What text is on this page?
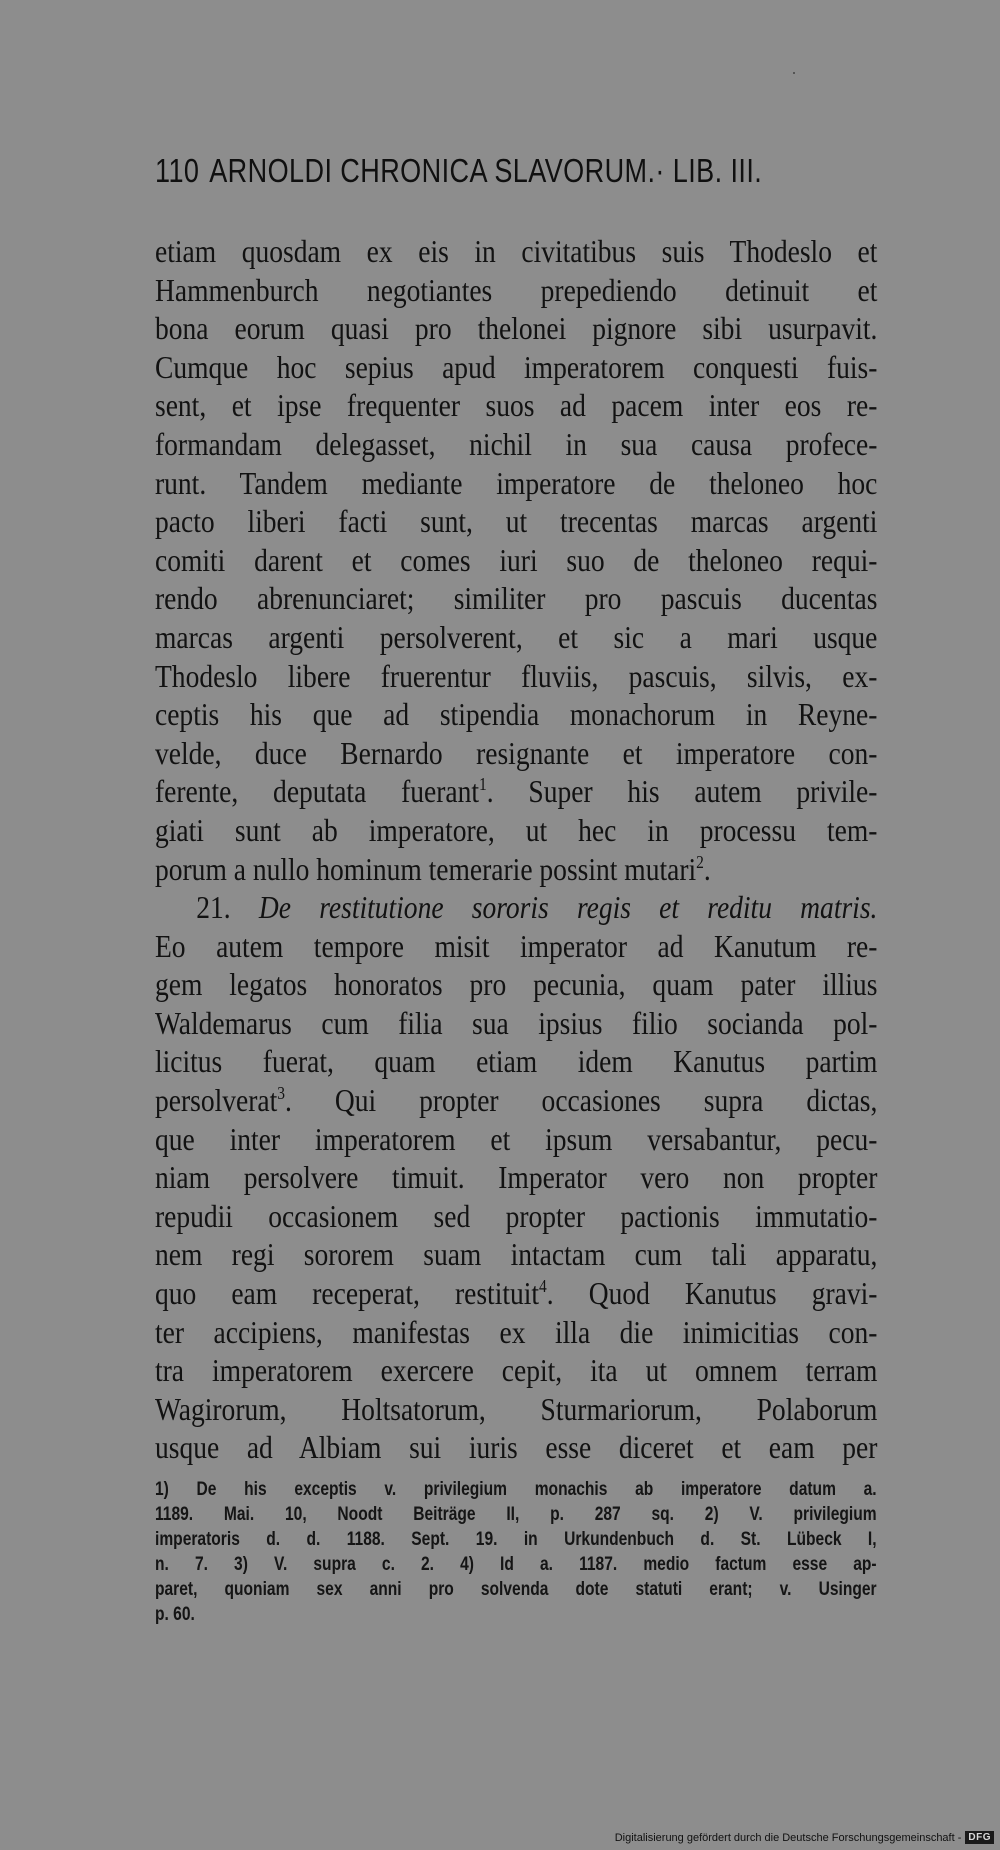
110 ARNOLDI CHRONICA SLAVORUM.· LIB. III.
etiam quosdam ex eis in civitatibus suis Thodeslo et
Hammenburch negotiantes prepediendo detinuit et
bona eorum quasi pro thelonei pignore sibi usurpavit.
Cumque hoc sepius apud imperatorem conquesti fuis-
sent, et ipse frequenter suos ad pacem inter eos re-
formandam delegasset, nichil in sua causa profece-
runt. Tandem mediante imperatore de theloneo hoc
pacto liberi facti sunt, ut trecentas marcas argenti
comiti darent et comes iuri suo de theloneo requi-
rendo abrenunciaret; similiter pro pascuis ducentas
marcas argenti persolverent, et sic a mari usque
Thodeslo libere fruerentur fluviis, pascuis, silvis, ex-
ceptis his que ad stipendia monachorum in Reyne-
velde, duce Bernardo resignante et imperatore con-
ferente, deputata fuerant$^1$. Super his autem privile-
giati sunt ab imperatore, ut hec in processu tem-
porum a nullo hominum temerarie possint mutari$^2$.
21. De restitutione sororis regis et reditu matris.
Eo autem tempore misit imperator ad Kanutum re-
gem legatos honoratos pro pecunia, quam pater illius
Waldemarus cum filia sua ipsius filio socianda pol-
licitus fuerat, quam etiam idem Kanutus partim
persolverat$^3$. Qui propter occasiones supra dictas,
que inter imperatorem et ipsum versabantur, pecu-
niam persolvere timuit. Imperator vero non propter
repudii occasionem sed propter pactionis immutatio-
nem regi sororem suam intactam cum tali apparatu,
quo eam receperat, restituit$^4$. Quod Kanutus gravi-
ter accipiens, manifestas ex illa die inimicitias con-
tra imperatorem exercere cepit, ita ut omnem terram
Wagirorum, Holtsatorum, Sturmariorum, Polaborum
usque ad Albiam sui iuris esse diceret et eam per
1) De his exceptis v. privilegium monachis ab imperatore datum a.
1189. Mai. 10, Noodt Beiträge II, p. 287 sq. 2) V. privilegium
imperatoris d. d. 1188. Sept. 19. in Urkundenbuch d. St. Lübeck I,
n. 7. 3) V. supra c. 2. 4) Id a. 1187. medio factum esse ap-
paret, quoniam sex anni pro solvenda dote statuti erant; v. Usinger
p. 60.
Digitalisierung gefördert durch die Deutsche Forschungsgemeinschaft - DFG
